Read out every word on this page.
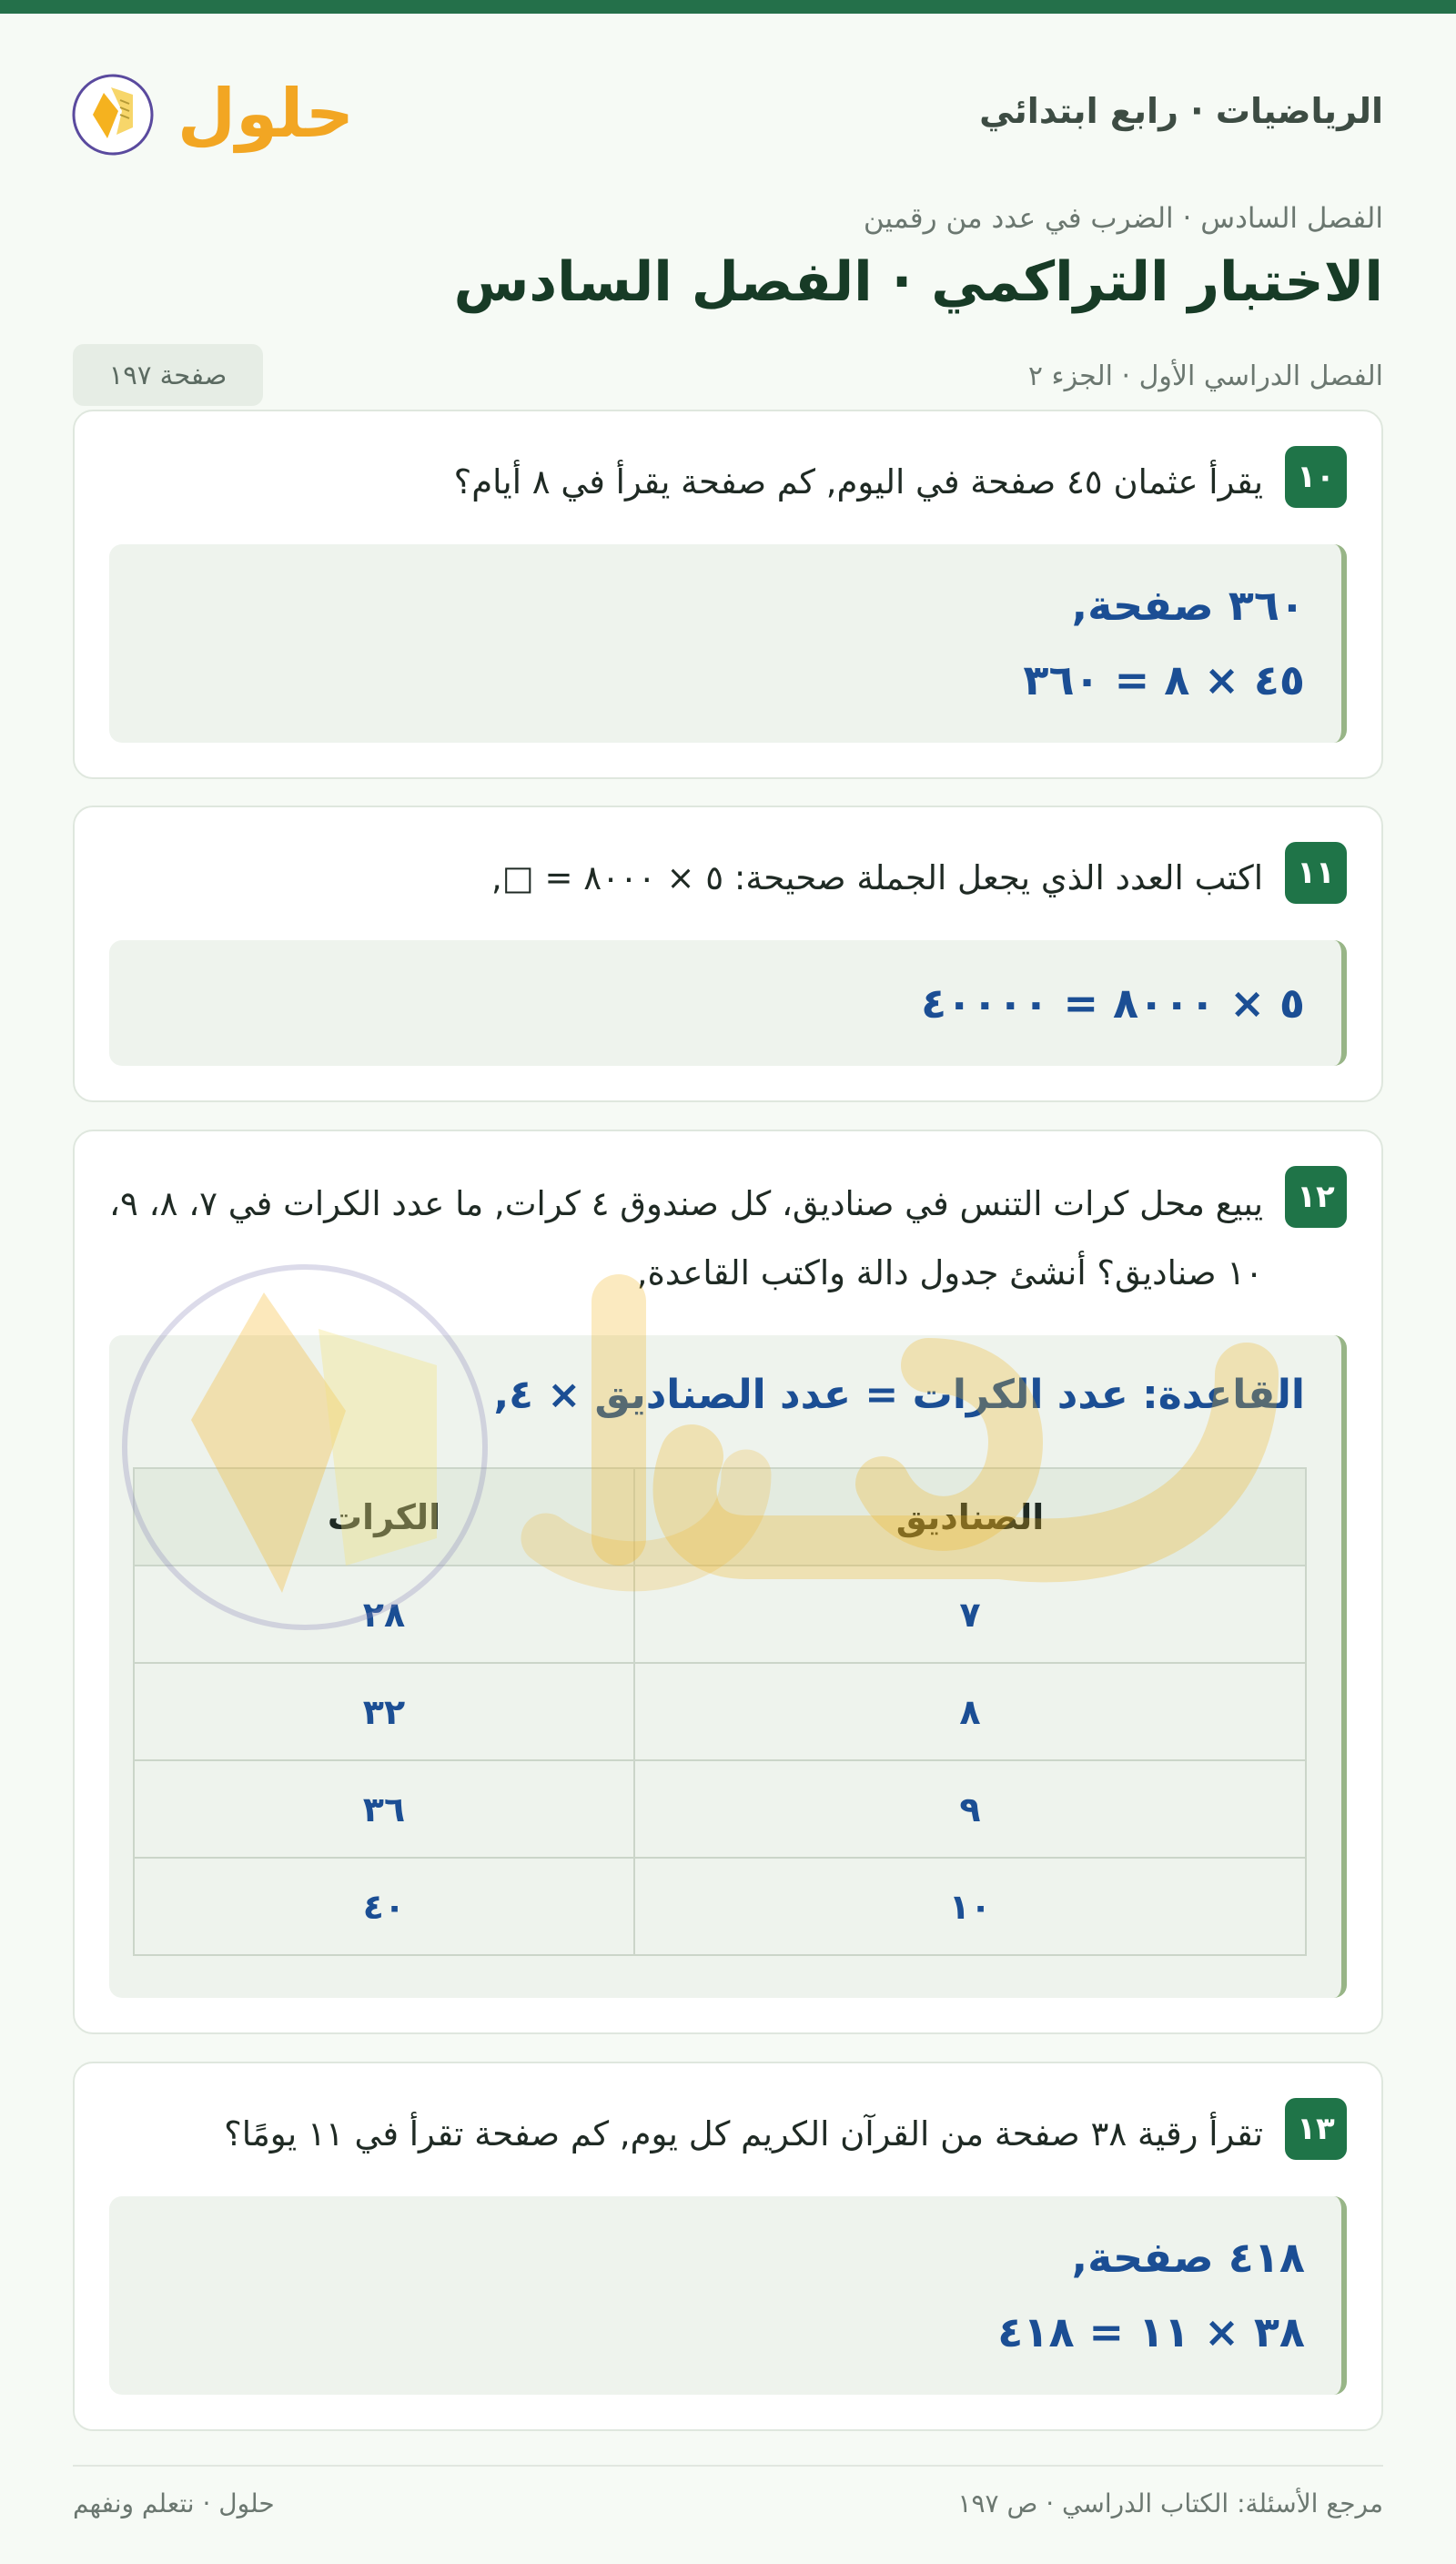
الرياضيات · رابع ابتدائي
حلول
الفصل السادس · الضرب في عدد من رقمين
الاختبار التراكمي · الفصل السادس
الفصل الدراسي الأول · الجزء ٢
صفحة ١٩٧
١٠
يقرأ عثمان ٤٥ صفحة في اليوم, كم صفحة يقرأ في ٨ أيام؟
٣٦٠ صفحة,
٤٥ × ٨ = ٣٦٠
١١
اكتب العدد الذي يجعل الجملة صحيحة: ٥ × ٨٠٠٠ = □,
٥ × ٨٠٠٠ = ٤٠٠٠٠
١٢
يبيع محل كرات التنس في صناديق، كل صندوق ٤ كرات, ما عدد الكرات في ٧، ٨، ٩، ١٠ صناديق؟ أنشئ جدول دالة واكتب القاعدة,
القاعدة: عدد الكرات = عدد الصناديق × ٤,
الصناديق	الكرات
٧	٢٨
٨	٣٢
٩	٣٦
١٠	٤٠
١٣
تقرأ رقية ٣٨ صفحة من القرآن الكريم كل يوم, كم صفحة تقرأ في ١١ يومًا؟
٤١٨ صفحة,
٣٨ × ١١ = ٤١٨
مرجع الأسئلة: الكتاب الدراسي · ص ١٩٧
حلول · نتعلم ونفهم
